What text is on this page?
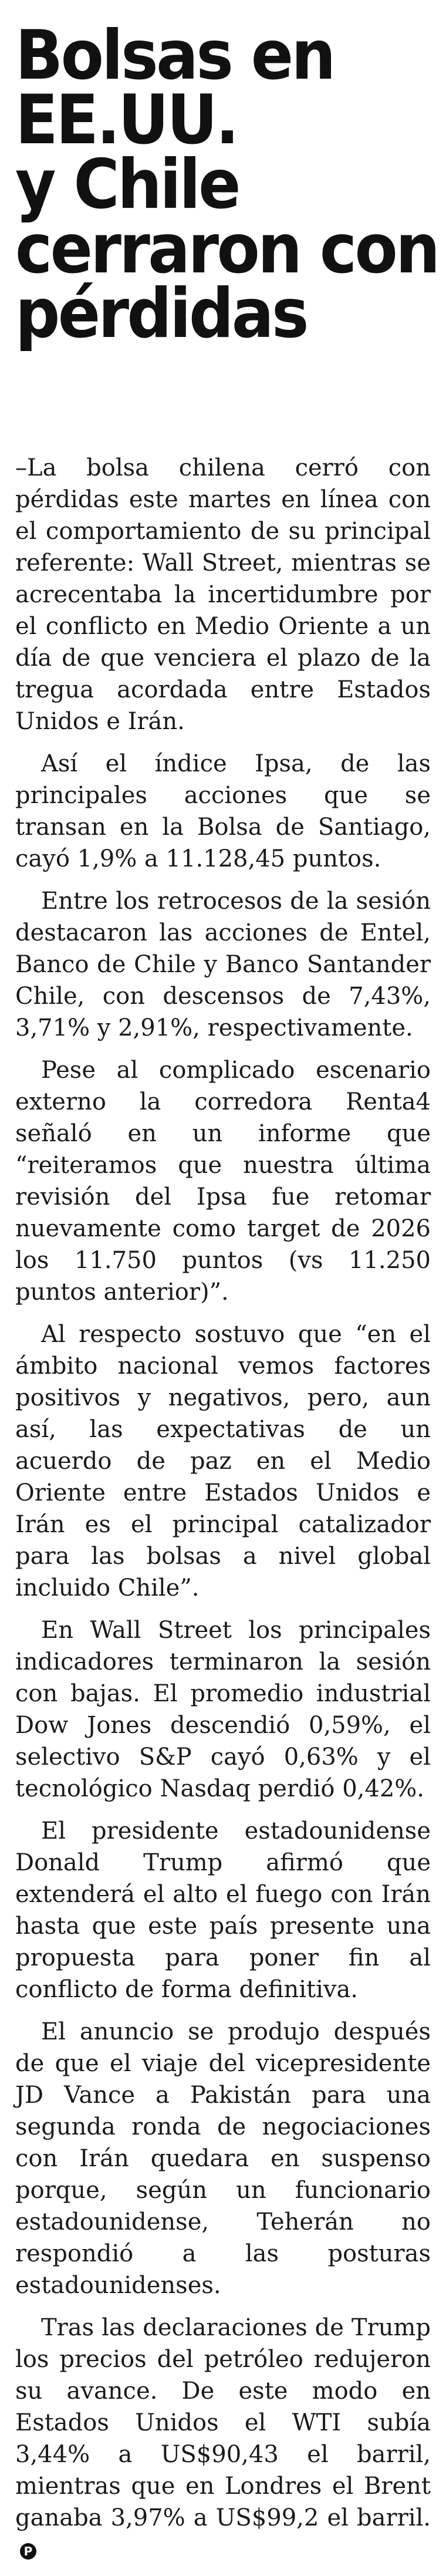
Bolsas en
EE.UU.
y Chile
cerraron con
pérdidas

–La bolsa chilena cerró con pérdidas este martes en línea con el comportamiento de su principal referente: Wall Street, mientras se acrecentaba la incertidumbre por el conflicto en Medio Oriente a un día de que venciera el plazo de la tregua acordada entre Estados Unidos e Irán.

Así el índice Ipsa, de las principales acciones que se transan en la Bolsa de Santiago, cayó 1,9% a 11.128,45 puntos.

Entre los retrocesos de la sesión destacaron las acciones de Entel, Banco de Chile y Banco Santander Chile, con descensos de 7,43%, 3,71% y 2,91%, respectivamente.

Pese al complicado escenario externo la corredora Renta4 señaló en un informe que “reiteramos que nuestra última revisión del Ipsa fue retomar nuevamente como target de 2026 los 11.750 puntos (vs 11.250 puntos anterior)”.

Al respecto sostuvo que “en el ámbito nacional vemos factores positivos y negativos, pero, aun así, las expectativas de un acuerdo de paz en el Medio Oriente entre Estados Unidos e Irán es el principal catalizador para las bolsas a nivel global incluido Chile”.

En Wall Street los principales indicadores terminaron la sesión con bajas. El promedio industrial Dow Jones descendió 0,59%, el selectivo S&P cayó 0,63% y el tecnológico Nasdaq perdió 0,42%.

El presidente estadounidense Donald Trump afirmó que extenderá el alto el fuego con Irán hasta que este país presente una propuesta para poner fin al conflicto de forma definitiva.

El anuncio se produjo después de que el viaje del vicepresidente JD Vance a Pakistán para una segunda ronda de negociaciones con Irán quedara en suspenso porque, según un funcionario estadounidense, Teherán no respondió a las posturas estadounidenses.

Tras las declaraciones de Trump los precios del petróleo redujeron su avance. De este modo en Estados Unidos el WTI subía 3,44% a US$90,43 el barril, mientras que en Londres el Brent ganaba 3,97% a US$99,2 el barril.P
